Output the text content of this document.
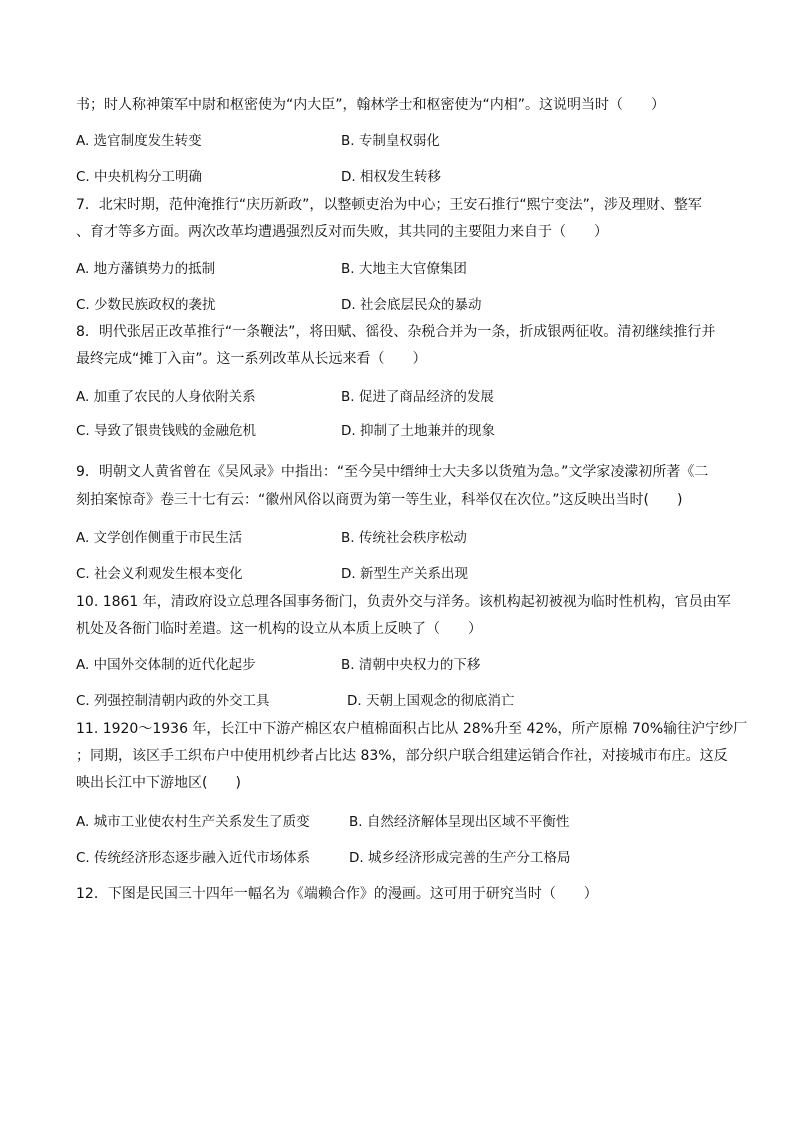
书；时人称神策军中尉和枢密使为“内大臣”，翰林学士和枢密使为“内相”。这说明当时（　　）
A. 选官制度发生转变	B. 专制皇权弱化
C. 中央机构分工明确	D. 相权发生转移
7．北宋时期，范仲淹推行“庆历新政”，以整顿吏治为中心；王安石推行“熙宁变法”，涉及理财、整军
、育才等多方面。两次改革均遭遇强烈反对而失败，其共同的主要阻力来自于（　　）
A. 地方藩镇势力的抵制	B. 大地主大官僚集团
C. 少数民族政权的袭扰	D. 社会底层民众的暴动
8．明代张居正改革推行“一条鞭法”，将田赋、徭役、杂税合并为一条，折成银两征收。清初继续推行并
最终完成“摊丁入亩”。这一系列改革从长远来看（　　）
A. 加重了农民的人身依附关系	B. 促进了商品经济的发展
C. 导致了银贵钱贱的金融危机	D. 抑制了土地兼并的现象
9．明朝文人黄省曾在《吴风录》中指出：“至今吴中缙绅士大夫多以货殖为急。”文学家凌濛初所著《二
刻拍案惊奇》卷三十七有云：“徽州风俗以商贾为第一等生业，科举仅在次位。”这反映出当时(　　)
A. 文学创作侧重于市民生活	B. 传统社会秩序松动
C. 社会义利观发生根本变化	D. 新型生产关系出现
10. 1861 年，清政府设立总理各国事务衙门，负责外交与洋务。该机构起初被视为临时性机构，官员由军
机处及各衙门临时差遣。这一机构的设立从本质上反映了（　　）
A. 中国外交体制的近代化起步	B. 清朝中央权力的下移
C. 列强控制清朝内政的外交工具	D. 天朝上国观念的彻底消亡
11. 1920～1936 年，长江中下游产棉区农户植棉面积占比从 28%升至 42%，所产原棉 70%输往沪宁纱厂
；同期，该区手工织布户中使用机纱者占比达 83%，部分织户联合组建运销合作社，对接城市布庄。这反
映出长江中下游地区(　　)
A. 城市工业使农村生产关系发生了质变	B. 自然经济解体呈现出区域不平衡性
C. 传统经济形态逐步融入近代市场体系	D. 城乡经济形成完善的生产分工格局
12．下图是民国三十四年一幅名为《端赖合作》的漫画。这可用于研究当时（　　）
